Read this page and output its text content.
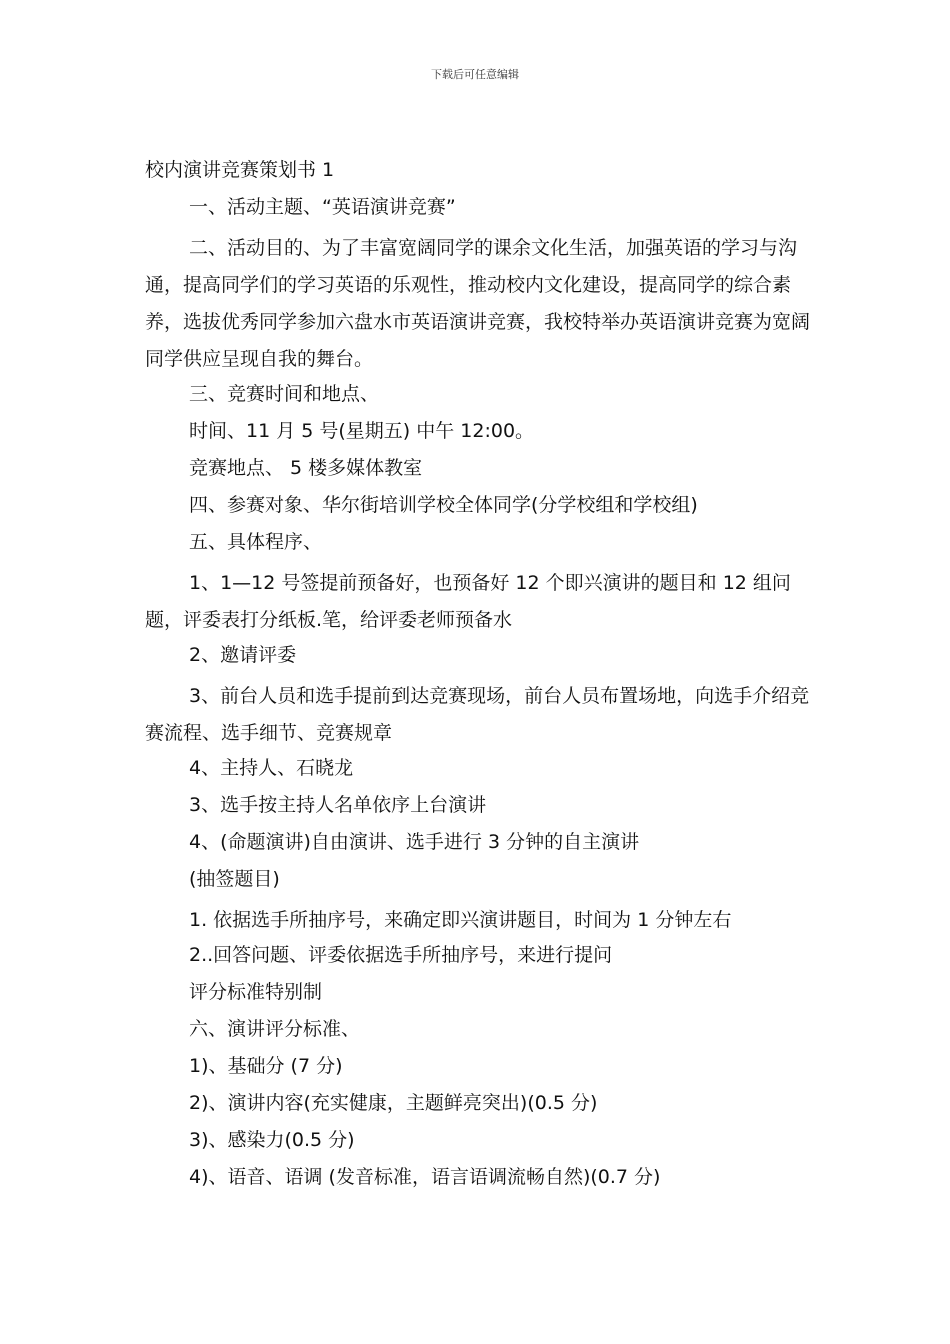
下载后可任意编辑
校内演讲竞赛策划书 1

一、活动主题、“英语演讲竞赛”

二、活动目的、为了丰富宽阔同学的课余文化生活，加强英语的学习与沟通，提高同学们的学习英语的乐观性，推动校内文化建设，提高同学的综合素养，选拔优秀同学参加六盘水市英语演讲竞赛，我校特举办英语演讲竞赛为宽阔同学供应呈现自我的舞台。

三、竞赛时间和地点、

时间、11 月 5 号(星期五) 中午 12:00。

竞赛地点、 5 楼多媒体教室

四、参赛对象、华尔街培训学校全体同学(分学校组和学校组)

五、具体程序、

1、1—12 号签提前预备好，也预备好 12 个即兴演讲的题目和 12 组问题，评委表打分纸板.笔，给评委老师预备水

2、邀请评委

3、前台人员和选手提前到达竞赛现场，前台人员布置场地，向选手介绍竞赛流程、选手细节、竞赛规章

4、主持人、石晓龙

3、选手按主持人名单依序上台演讲

4、(命题演讲)自由演讲、选手进行 3 分钟的自主演讲

(抽签题目)

1. 依据选手所抽序号，来确定即兴演讲题目，时间为 1 分钟左右

2..回答问题、评委依据选手所抽序号，来进行提问

评分标准特别制

六、演讲评分标准、

1)、基础分 (7 分)

2)、演讲内容(充实健康，主题鲜亮突出)(0.5 分)

3)、感染力(0.5 分)

4)、语音、语调 (发音标准，语言语调流畅自然)(0.7 分)
